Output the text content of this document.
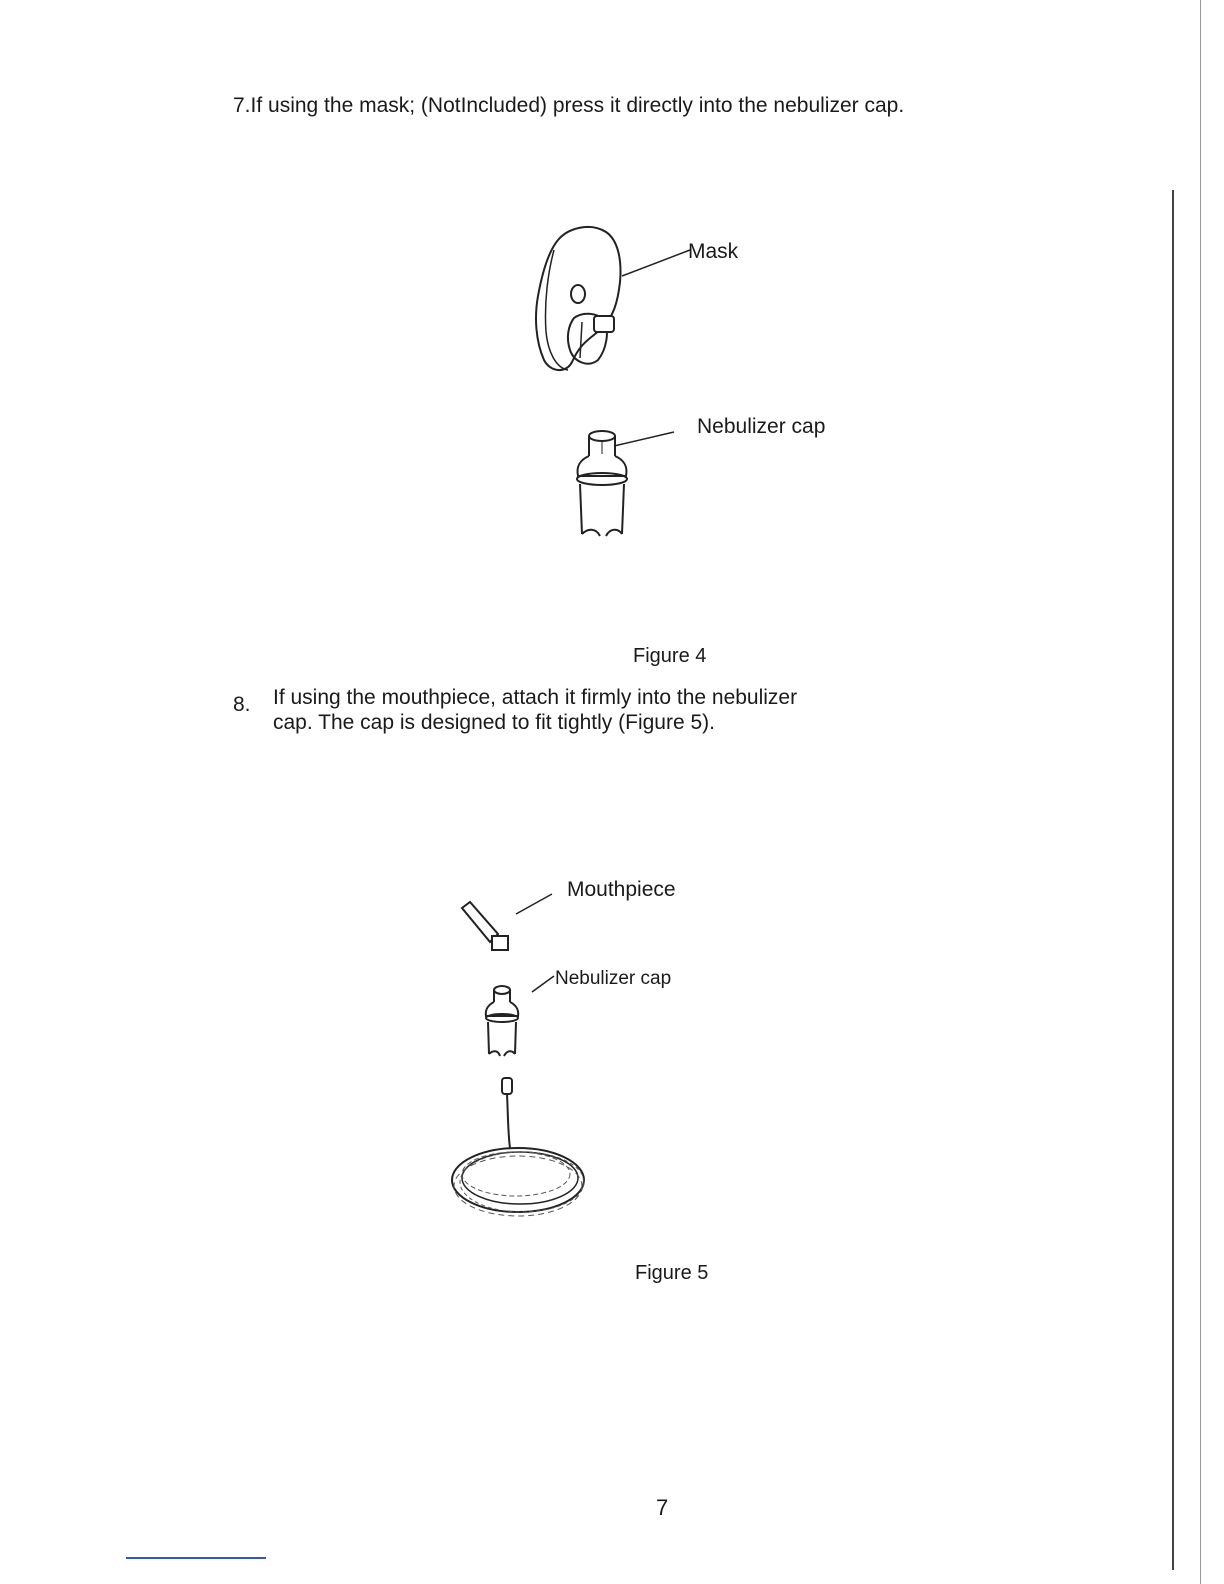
7.If using the mask; (NotIncluded) press it directly into the nebulizer cap.
Mask
Nebulizer cap
Figure 4
8. If using the mouthpiece, attach it firmly into the nebulizer
cap. The cap is designed to fit tightly (Figure 5).
Mouthpiece
Nebulizer cap
Figure 5
7
